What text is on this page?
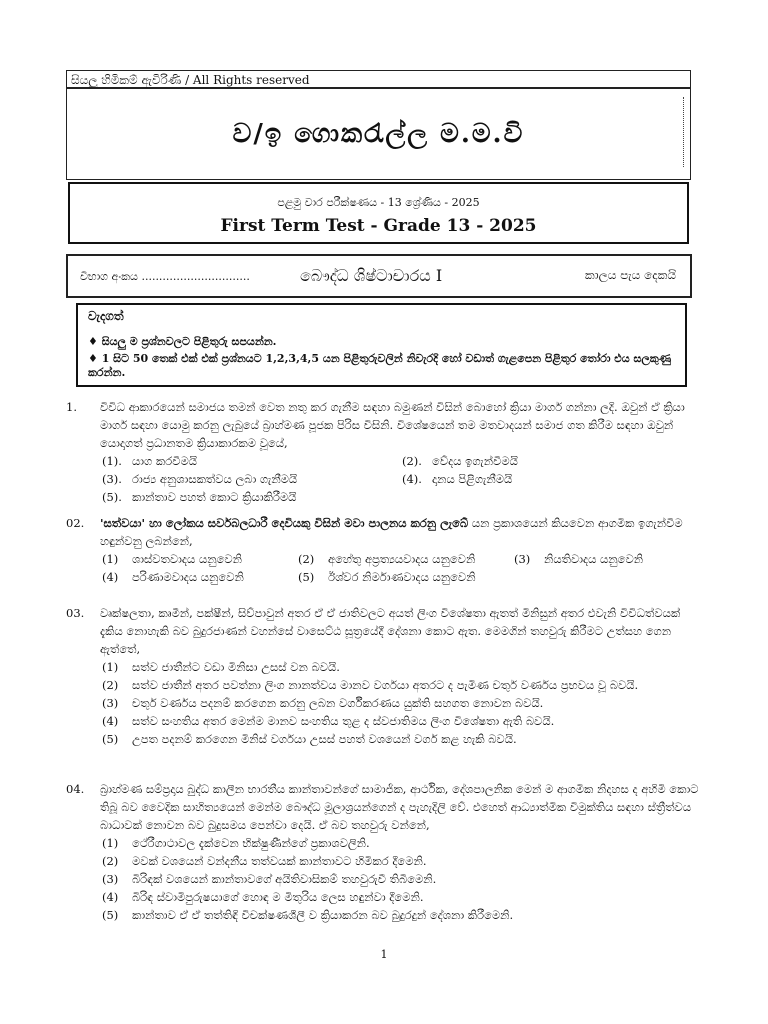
සියලු හිමිකම් ඇවිරිණි / All Rights reserved
ව/ඉ ගොකරැල්ල ම.ම.වි
පළමු වාර පරීක්ෂණය - 13 ශ්‍රේණිය - 2025
First Term Test - Grade 13 - 2025
විභාග අංකය ...............................	බෞද්ධ ශිෂ්ටාචාරය I	කාලය පැය දෙකයි
වැදගත්
♦ සියලු ම ප්‍රශ්නවලට පිළිතුරු සපයන්න.
♦ 1 සිට 50 තෙක් එක් එක් ප්‍රශ්නයට 1,2,3,4,5 යන පිළිතුරුවලින් නිවැරදි හෝ වඩාත් ගැළපෙන පිළිතුර තෝරා එය සලකුණු කරන්න.
1. විවිධ ආකාරයෙන් සමාජය තමන් වෙත නතු කර ගැනීම සඳහා බමුණන් විසින් බොහෝ ක්‍රියා මාර්ග ගන්නා ලදි. ඔවුන් ඒ ක්‍රියා මාර්ග සඳහා යොමු කරනු ලැබුයේ බ්‍රාහ්මණ පූජක පිරිස විසිනි. විශේෂයෙන් තම මතවාදයන් සමාජ ගත කිරීම සඳහා ඔවුන් යොදාගත් ප්‍රධානතම ක්‍රියාකාරකම වූයේ,
(1). යාග කරවීමයි	(2). වේදය ඉගැන්වීමයි
(3). රාජ්‍ය අනුශාසකත්වය ලබා ගැනීමයි	(4). දානය පිළිගැනීමයි
(5). කාන්තාව පහත් කොට ක්‍රියාකිරීමයි
02. 'සත්වයා' හා ලෝකය සර්වබලධාරී දෙවියකු විසින් මවා පාලනය කරනු ලැබේ යන ප්‍රකාශයෙන් කියවෙන ආගමික ඉගැන්වීම හඳුන්වනු ලබන්නේ,
(1)	ශාස්වතවාදය යනුවෙනි	(2)	අහේතු අප්‍රත්‍යයවාදය යනුවෙනි	(3)	නියතිවාදය යනුවෙනි
(4)	පරිණාමවාදය යනුවෙනි	(5)	ඊශ්වර නිර්මාණවාදය යනුවෙනි
03. වෘක්ෂලතා, කෘමීන්, පක්ෂීන්, සිව්පාවුන් අතර ඒ ඒ ජාතිවලට අයත් ලිංග විශේෂතා ඇතත් මිනිසුන් අතර එවැනි විවිධත්වයක් දැකිය නොහැකි බව බුදුරජාණන් වහන්සේ වාසෙට්ඨ සූත්‍රයේදී දේශනා කොට ඇත. මෙමගින් තහවුරු කිරීමට උත්සහ ගෙන ඇත්තේ,
(1)	සත්ව ජාතීන්ට වඩා මිනිසා උසස් වන බවයි.
(2)	සත්ව ජාතීන් අතර පවත්නා ලිංග නානත්වය මානව වර්ගයා අතරට ද පැමිණ චතුර් වර්ණය ප්‍රභවය වූ බවයි.
(3)	චතුර් වර්ණය පදනම් කරගෙන කරනු ලබන වර්ගීකරණය යුක්ති සහගත නොවන බවයි.
(4)	සත්ව සංහතිය අතර මෙන්ම මානව සංහතිය තුළ ද ස්වජාතිමය ලිංග විශේෂතා ඇති බවයි.
(5)	උපත පදනම් කරගෙන මිනිස් වර්ගයා උසස් පහත් වශයෙන් වර්ග කළ හැකි බවයි.
04. බ්‍රාහ්මණ සම්ප්‍රදාය බුද්ධ කාලීන භාරතීය කාන්තාවන්ගේ සාමාජික, ආර්ථික, දේශපාලනික මෙන් ම ආගමික නිදහස ද අහිමි කොට තිබූ බව වෛදික සාහිත්‍යයෙන් මෙන්ම බෞද්ධ මූලාශ්‍රයන්ගෙන් ද පැහැදිලි වේ. එහෙත් ආධ්‍යාත්මික විමුක්තිය සඳහා ස්ත්‍රීත්වය බාධාවක් නොවන බව බුදුසමය පෙන්වා දෙයි. ඒ බව තහවුරු වන්නේ,
(1)	ථේරීගාථාවල දැක්වෙන භික්ෂුණීන්ගේ ප්‍රකාශවලිනි.
(2)	මවක් වශයෙන් වන්දනීය තත්වයක් කාන්තාවට හිමිකර දීමෙනි.
(3)	බිරිඳක් වශයෙන් කාන්තාවගේ අයිතිවාසිකම් තහවුරුවී තිබීමෙනි.
(4)	බිරිඳ ස්වාමිපුරුෂයාගේ හොඳ ම මිතුරිය ලෙස හඳුන්වා දීමෙනි.
(5)	කාන්තාව ඒ ඒ තත්තිඳි විචක්ෂණශීලී ව ක්‍රියාකරන බව බුදුරදුන් දේශනා කිරීමෙනි.
1
